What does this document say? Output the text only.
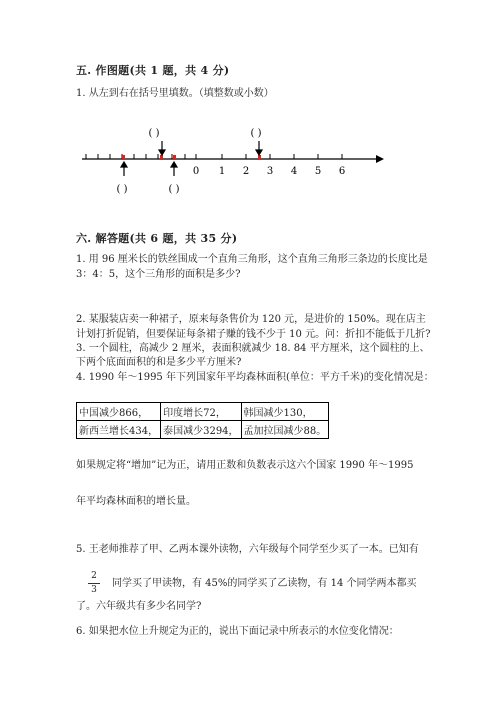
五. 作图题(共 1 题，共 4 分)
1. 从左到右在括号里填数。（填整数或小数）
0 1 2 3 4 5 6
( )	( )
( )	( )
六. 解答题(共 6 题，共 35 分)
1. 用 96 厘米长的铁丝围成一个直角三角形，这个直角三角形三条边的长度比是
3：4：5，这个三角形的面积是多少?
2. 某服装店卖一种裙子，原来每条售价为 120 元，是进价的 150%。现在店主
计划打折促销，但要保证每条裙子赚的钱不少于 10 元。问：折扣不能低于几折?
3. 一个圆柱，高减少 2 厘米，表面积就减少 18. 84 平方厘米，这个圆柱的上、
下两个底面面积的和是多少平方厘米?
4. 1990 年～1995 年下列国家年平均森林面积(单位：平方千米)的变化情况是：
中国减少866，	印度增长72，	韩国减少130，
新西兰增长434，	泰国减少3294，	孟加拉国减少88。
如果规定将“增加”记为正，请用正数和负数表示这六个国家 1990 年～1995
年平均森林面积的增长量。
5. 王老师推荐了甲、乙两本课外读物，六年级每个同学至少买了一本。已知有
2
3
同学买了甲读物，有 45%的同学买了乙读物，有 14 个同学两本都买
了。六年级共有多少名同学?
6. 如果把水位上升规定为正的，说出下面记录中所表示的水位变化情况：
